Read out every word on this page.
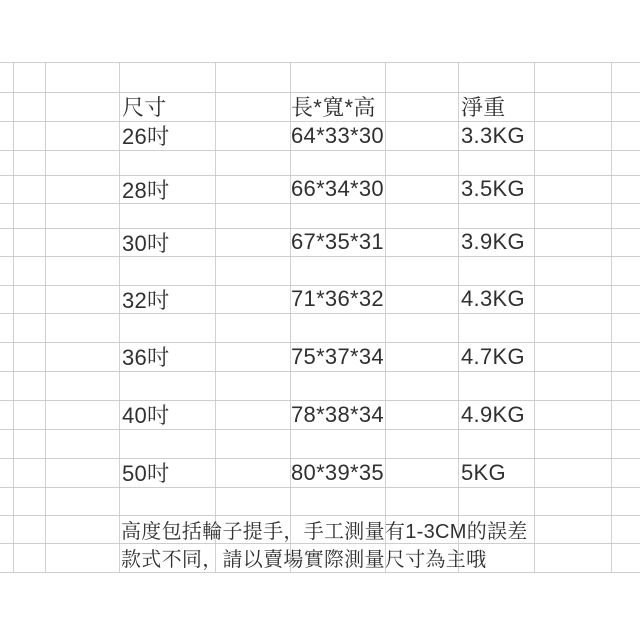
尺寸	長*寬*高	淨重
26吋	64*33*30	3.3KG
28吋	66*34*30	3.5KG
30吋	67*35*31	3.9KG
32吋	71*36*32	4.3KG
36吋	75*37*34	4.7KG
40吋	78*38*34	4.9KG
50吋	80*39*35	5KG
高度包括輪子提手，手工測量有1-3CM的誤差
款式不同，請以賣場實際測量尺寸為主哦
